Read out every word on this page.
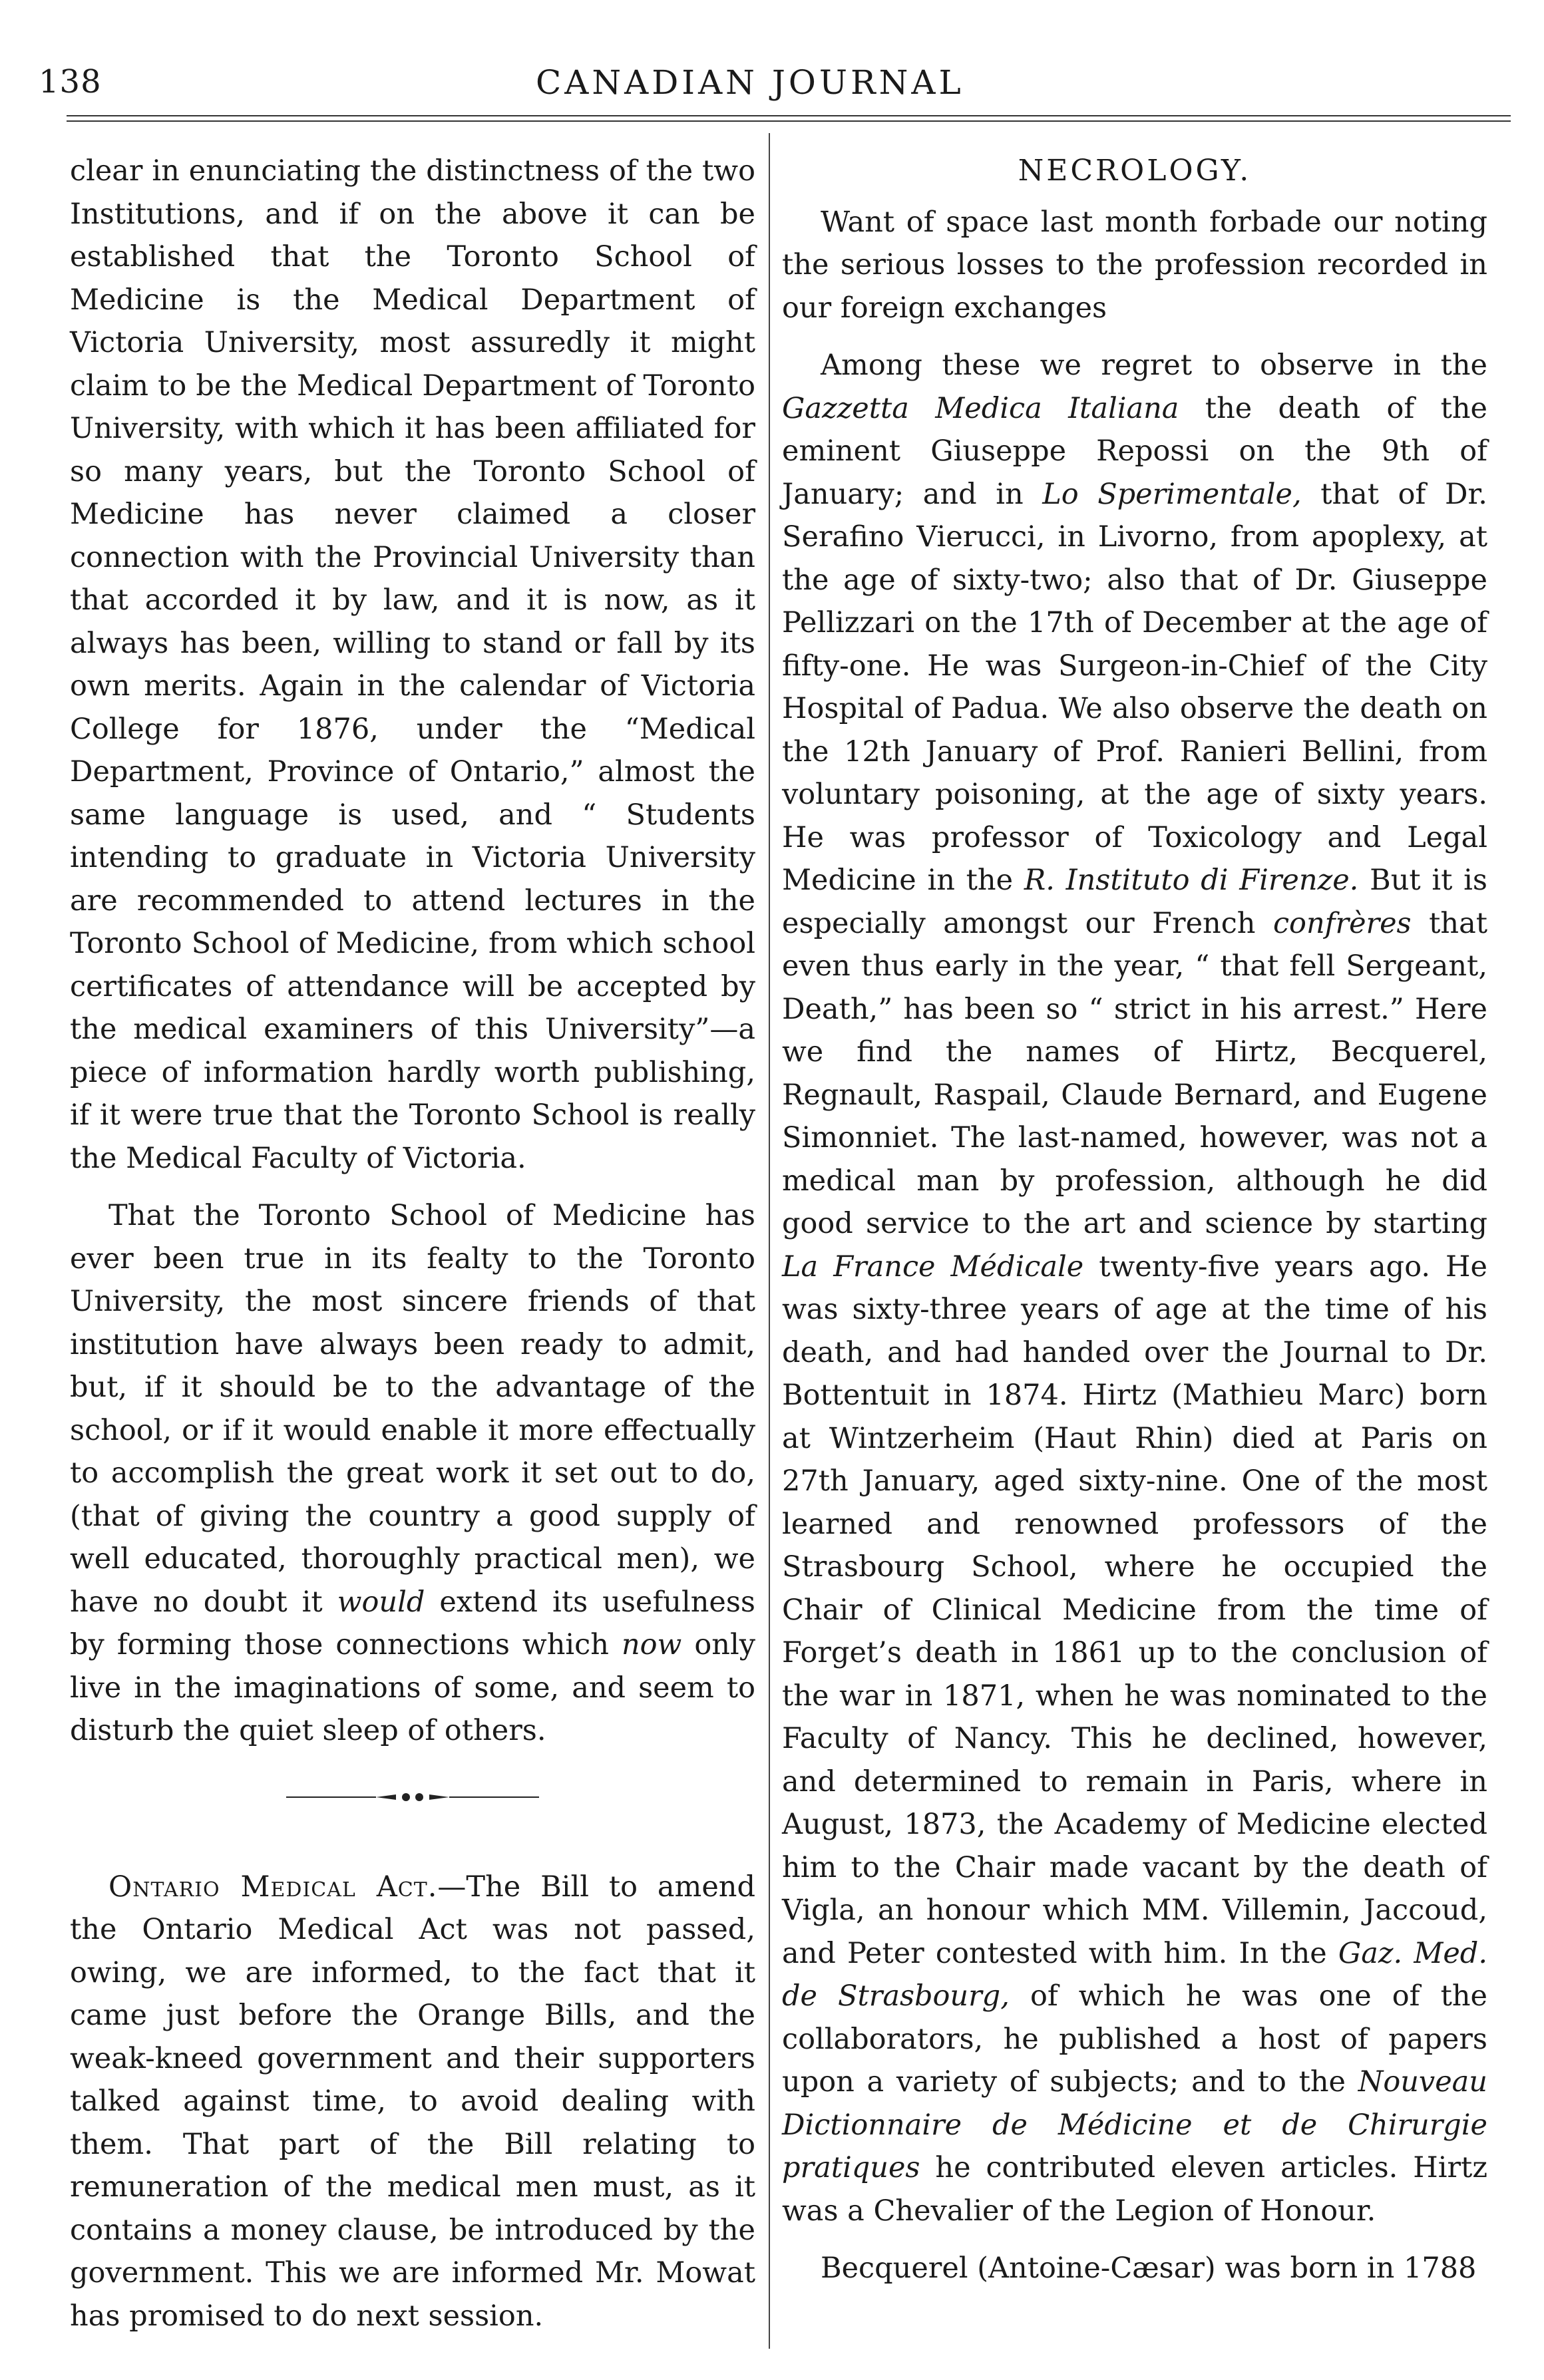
138	CANADIAN JOURNAL

clear in enunciating the distinctness of the two Institutions, and if on the above it can be established that the Toronto School of Medicine is the Medical Department of Victoria University, most assuredly it might claim to be the Medical Department of Toronto University, with which it has been affiliated for so many years, but the Toronto School of Medicine has never claimed a closer connection with the Provincial University than that accorded it by law, and it is now, as it always has been, willing to stand or fall by its own merits. Again in the calendar of Victoria College for 1876, under the “Medical Department, Province of Ontario,” almost the same language is used, and “ Students intending to graduate in Victoria University are recommended to attend lectures in the Toronto School of Medicine, from which school certificates of attendance will be accepted by the medical examiners of this University”—a piece of information hardly worth publishing, if it were true that the Toronto School is really the Medical Faculty of Victoria.

That the Toronto School of Medicine has ever been true in its fealty to the Toronto University, the most sincere friends of that institution have always been ready to admit, but, if it should be to the advantage of the school, or if it would enable it more effectually to accomplish the great work it set out to do, (that of giving the country a good supply of well educated, thoroughly practical men), we have no doubt it would extend its usefulness by forming those connections which now only live in the imaginations of some, and seem to disturb the quiet sleep of others.

Ontario Medical Act.—The Bill to amend the Ontario Medical Act was not passed, owing, we are informed, to the fact that it came just before the Orange Bills, and the weak-kneed government and their supporters talked against time, to avoid dealing with them. That part of the Bill relating to remuneration of the medical men must, as it contains a money clause, be introduced by the government. This we are informed Mr. Mowat has promised to do next session.

NECROLOGY.

Want of space last month forbade our noting the serious losses to the profession recorded in our foreign exchanges

Among these we regret to observe in the Gazzetta Medica Italiana the death of the eminent Giuseppe Repossi on the 9th of January; and in Lo Sperimentale, that of Dr. Serafino Vierucci, in Livorno, from apoplexy, at the age of sixty-two; also that of Dr. Giuseppe Pellizzari on the 17th of December at the age of fifty-one. He was Surgeon-in-Chief of the City Hospital of Padua. We also observe the death on the 12th January of Prof. Ranieri Bellini, from voluntary poisoning, at the age of sixty years. He was professor of Toxicology and Legal Medicine in the R. Instituto di Firenze. But it is especially amongst our French confrères that even thus early in the year, “ that fell Sergeant, Death,” has been so “ strict in his arrest.” Here we find the names of Hirtz, Becquerel, Regnault, Raspail, Claude Bernard, and Eugene Simonniet. The last-named, however, was not a medical man by profession, although he did good service to the art and science by starting La France Médicale twenty-five years ago. He was sixty-three years of age at the time of his death, and had handed over the Journal to Dr. Bottentuit in 1874. Hirtz (Mathieu Marc) born at Wintzerheim (Haut Rhin) died at Paris on 27th January, aged sixty-nine. One of the most learned and renowned professors of the Strasbourg School, where he occupied the Chair of Clinical Medicine from the time of Forget’s death in 1861 up to the conclusion of the war in 1871, when he was nominated to the Faculty of Nancy. This he declined, however, and determined to remain in Paris, where in August, 1873, the Academy of Medicine elected him to the Chair made vacant by the death of Vigla, an honour which MM. Villemin, Jaccoud, and Peter contested with him. In the Gaz. Med. de Strasbourg, of which he was one of the collaborators, he published a host of papers upon a variety of subjects; and to the Nouveau Dictionnaire de Médicine et de Chirurgie pratiques he contributed eleven articles. Hirtz was a Chevalier of the Legion of Honour.

Becquerel (Antoine-Cæsar) was born in 1788
